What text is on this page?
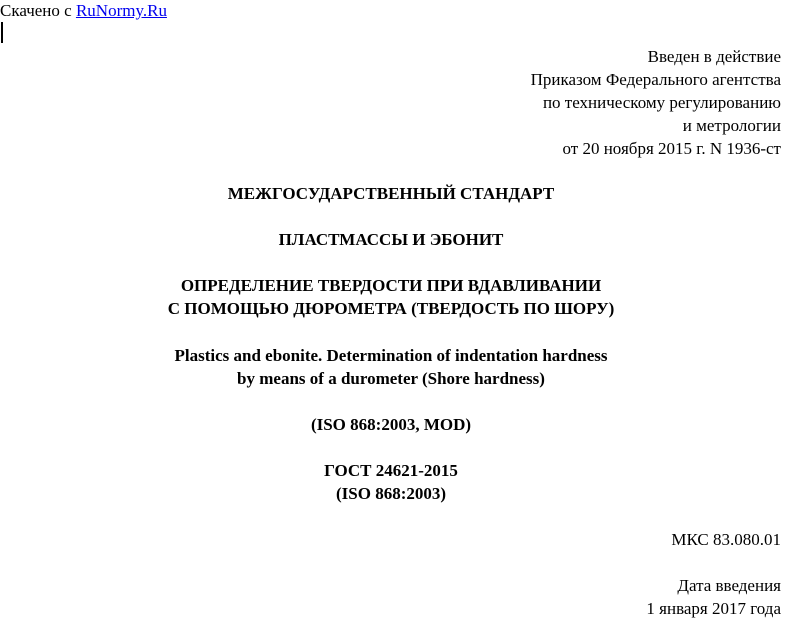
Скачено с RuNormy.Ru
Введен в действие
Приказом Федерального агентства
по техническому регулированию
и метрологии
от 20 ноября 2015 г. N 1936-ст
МЕЖГОСУДАРСТВЕННЫЙ СТАНДАРТ
ПЛАСТМАССЫ И ЭБОНИТ
ОПРЕДЕЛЕНИЕ ТВЕРДОСТИ ПРИ ВДАВЛИВАНИИ
С ПОМОЩЬЮ ДЮРОМЕТРА (ТВЕРДОСТЬ ПО ШОРУ)
Plastics and ebonite. Determination of indentation hardness
by means of a durometer (Shore hardness)
(ISO 868:2003, MOD)
ГОСТ 24621-2015
(ISO 868:2003)
МКС 83.080.01
Дата введения
1 января 2017 года
